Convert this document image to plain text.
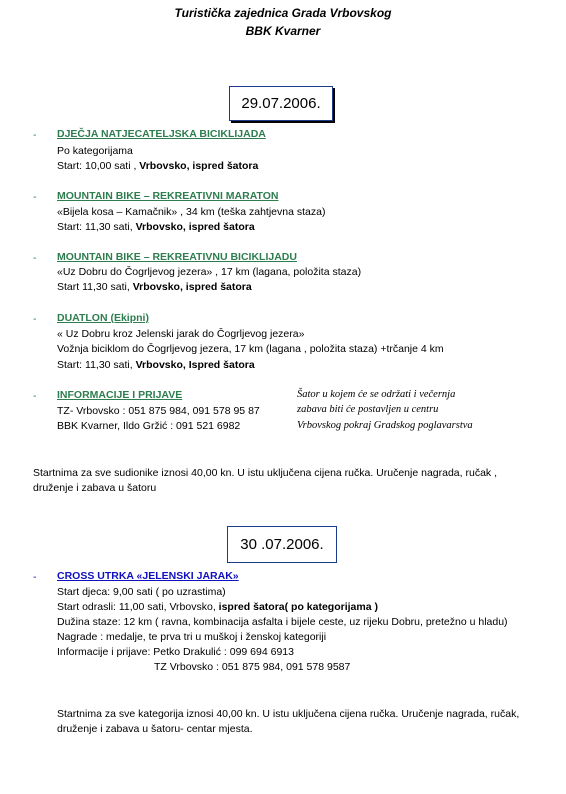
Turistička zajednica Grada Vrbovskog
BBK Kvarner
29.07.2006.
-	DJEČJA NATJECATELJSKA BICIKLIJADA
Po kategorijama
Start: 10,00 sati , Vrbovsko, ispred šatora
-	MOUNTAIN BIKE – REKREATIVNI MARATON
«Bijela kosa – Kamačnik» , 34 km (teška zahtjevna staza)
Start: 11,30 sati, Vrbovsko, ispred šatora
-	MOUNTAIN BIKE – REKREATIVNU BICIKLIJADU
«Uz Dobru do Čogrljevog jezera» , 17 km (lagana, položita staza)
Start 11,30 sati, Vrbovsko, ispred šatora
-	DUATLON (Ekipni)
« Uz Dobru kroz Jelenski jarak do Čogrljevog jezera»
Vožnja biciklom do Čogrljevog jezera, 17 km (lagana , položita staza) +trčanje 4 km
Start: 11,30 sati, Vrbovsko, Ispred šatora
-	INFORMACIJE I PRIJAVE
TZ- Vrbovsko : 051 875 984, 091 578 95 87
BBK Kvarner, Ildo Gržić : 091 521 6982
Šator u kojem će se održati i večernja
zabava biti će postavljen u centru
Vrbovskog pokraj Gradskog poglavarstva
Startnima za sve sudionike iznosi 40,00 kn. U istu uključena cijena ručka. Uručenje nagrada, ručak ,
druženje i zabava u šatoru
30 .07.2006.
-	CROSS UTRKA «JELENSKI JARAK»
Start djeca: 9,00 sati ( po uzrastima)
Start odrasli: 11,00 sati, Vrbovsko, ispred šatora( po kategorijama )
Dužina staze: 12 km ( ravna, kombinacija asfalta i bijele ceste, uz rijeku Dobru, pretežno u hladu)
Nagrade : medalje, te prva tri u muškoj i ženskoj kategoriji
Informacije i prijave: Petko Drakulić : 099 694 6913
TZ Vrbovsko : 051 875 984, 091 578 9587
Startnima za sve kategorija iznosi 40,00 kn. U istu uključena cijena ručka. Uručenje nagrada, ručak,
druženje i zabava u šatoru- centar mjesta.
